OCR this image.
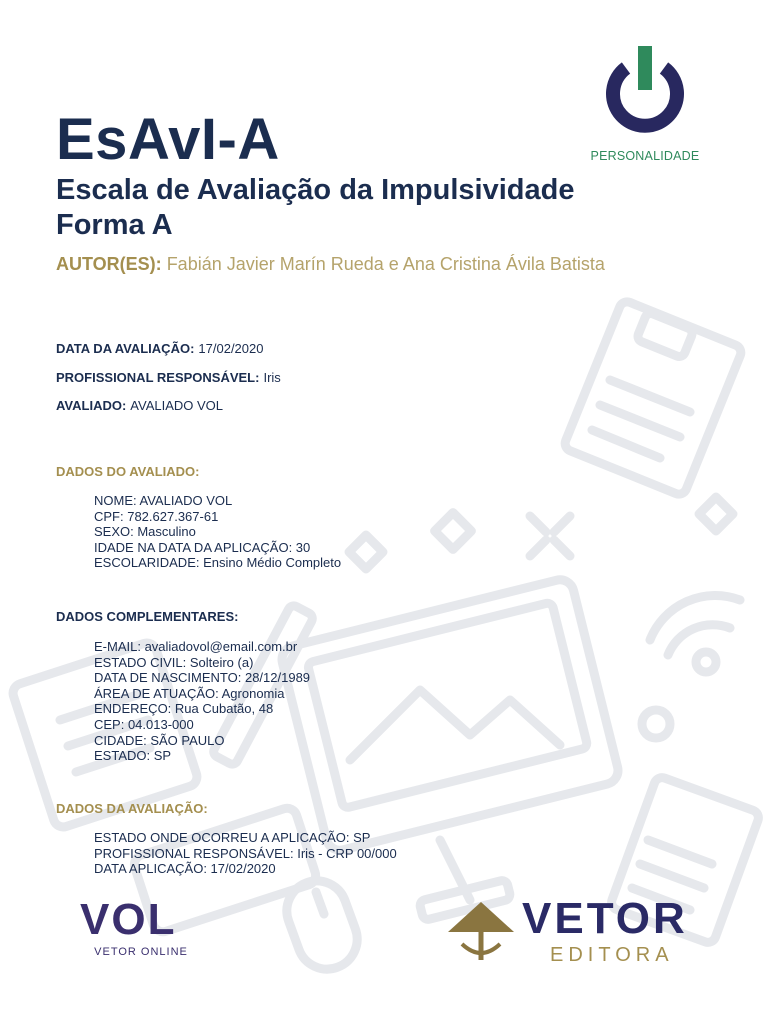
PERSONALIDADE
EsAvI-A
Escala de Avaliação da Impulsividade
Forma A
AUTOR(ES): Fabián Javier Marín Rueda e Ana Cristina Ávila Batista
DATA DA AVALIAÇÃO: 17/02/2020
PROFISSIONAL RESPONSÁVEL: Iris
AVALIADO: AVALIADO VOL
DADOS DO AVALIADO:
NOME: AVALIADO VOL
CPF: 782.627.367-61
SEXO: Masculino
IDADE NA DATA DA APLICAÇÃO: 30
ESCOLARIDADE: Ensino Médio Completo
DADOS COMPLEMENTARES:
E-MAIL: avaliadovol@email.com.br
ESTADO CIVIL: Solteiro (a)
DATA DE NASCIMENTO: 28/12/1989
ÁREA DE ATUAÇÃO: Agronomia
ENDEREÇO: Rua Cubatão, 48
CEP: 04.013-000
CIDADE: SÃO PAULO
ESTADO: SP
DADOS DA AVALIAÇÃO:
ESTADO ONDE OCORREU A APLICAÇÃO: SP
PROFISSIONAL RESPONSÁVEL: Iris - CRP 00/000
DATA APLICAÇÃO: 17/02/2020
VOL
VETOR ONLINE
VETOR
EDITORA
